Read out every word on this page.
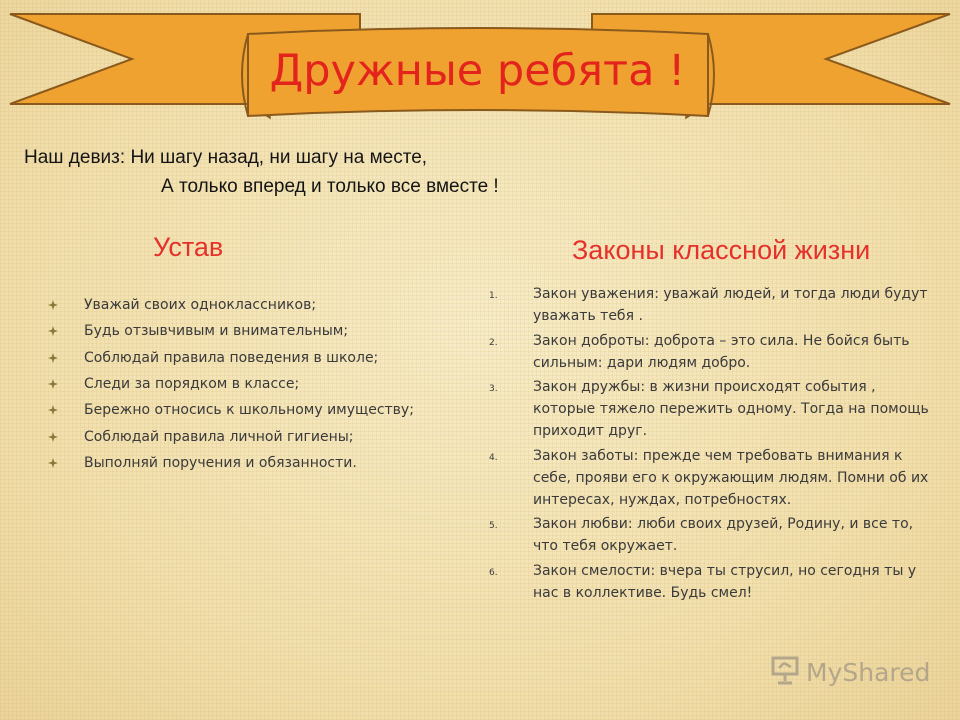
Дружные ребята !
Наш девиз: Ни шагу назад, ни шагу на месте,
А только вперед и только все вместе !
Устав	Законы классной жизни
Уважай своих одноклассников;
Будь отзывчивым и внимательным;
Соблюдай правила поведения в школе;
Следи за порядком в классе;
Бережно относись к школьному имуществу;
Соблюдай правила личной гигиены;
Выполняй поручения и обязанности.
1.	Закон уважения: уважай людей, и тогда люди будут уважать тебя .
2.	Закон доброты: доброта – это сила. Не бойся быть сильным: дари людям добро.
3.	Закон дружбы: в жизни происходят события , которые тяжело пережить одному. Тогда на помощь приходит друг.
4.	Закон заботы: прежде чем требовать внимания к себе, прояви его к окружающим людям. Помни об их интересах, нуждах, потребностях.
5.	Закон любви: люби своих друзей, Родину, и все то, что тебя окружает.
6.	Закон смелости: вчера ты струсил, но сегодня ты у нас в коллективе. Будь смел!
MyShared
